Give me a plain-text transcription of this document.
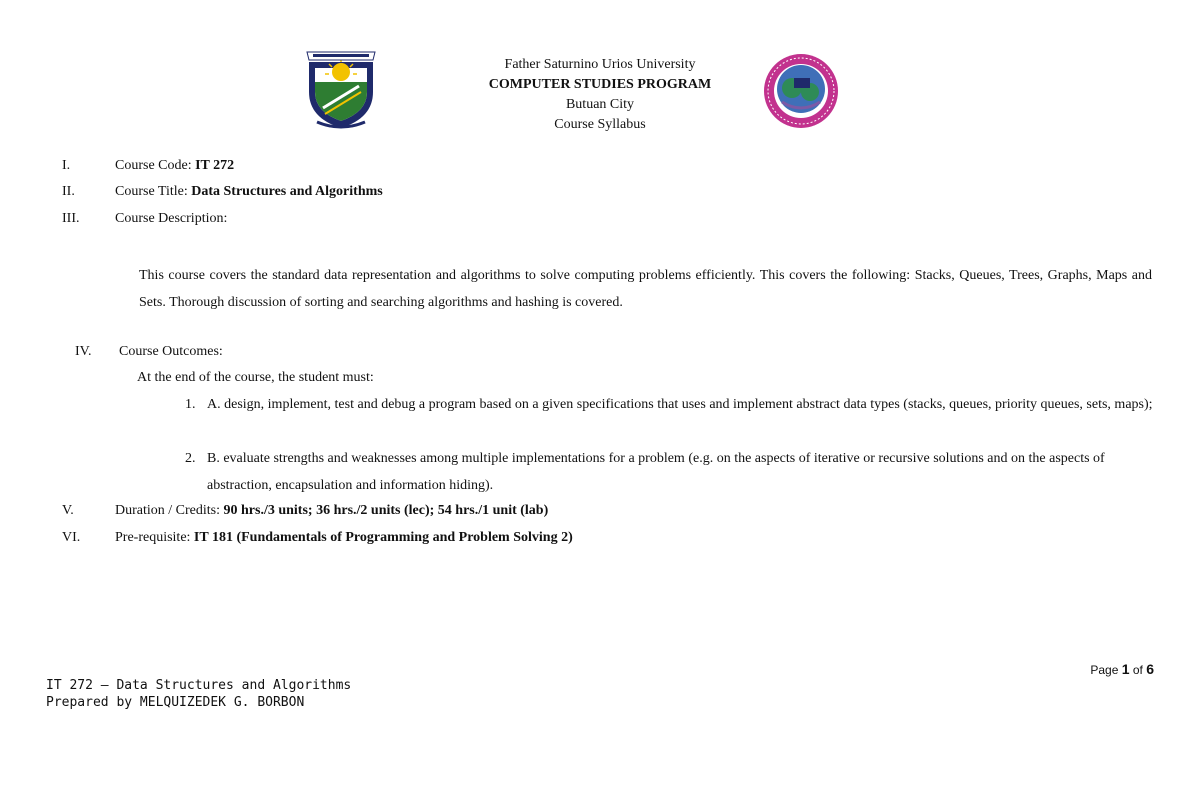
Father Saturnino Urios University
COMPUTER STUDIES PROGRAM
Butuan City
Course Syllabus
I.	Course Code: IT 272
II.	Course Title: Data Structures and Algorithms
III.	Course Description:
This course covers the standard data representation and algorithms to solve computing problems efficiently. This covers the following: Stacks, Queues, Trees, Graphs, Maps and Sets. Thorough discussion of sorting and searching algorithms and hashing is covered.
IV. Course Outcomes:
At the end of the course, the student must:
1. A. design, implement, test and debug a program based on a given specifications that uses and implement abstract data types (stacks, queues, priority queues, sets, maps);
2. B. evaluate strengths and weaknesses among multiple implementations for a problem (e.g. on the aspects of iterative or recursive solutions and on the aspects of abstraction, encapsulation and information hiding).
V.	Duration / Credits: 90 hrs./3 units; 36 hrs./2 units (lec); 54 hrs./1 unit (lab)
VI. Pre-requisite: IT 181 (Fundamentals of Programming and Problem Solving 2)
Page 1 of 6
IT 272 – Data Structures and Algorithms
Prepared by MELQUIZEDEK G. BORBON
